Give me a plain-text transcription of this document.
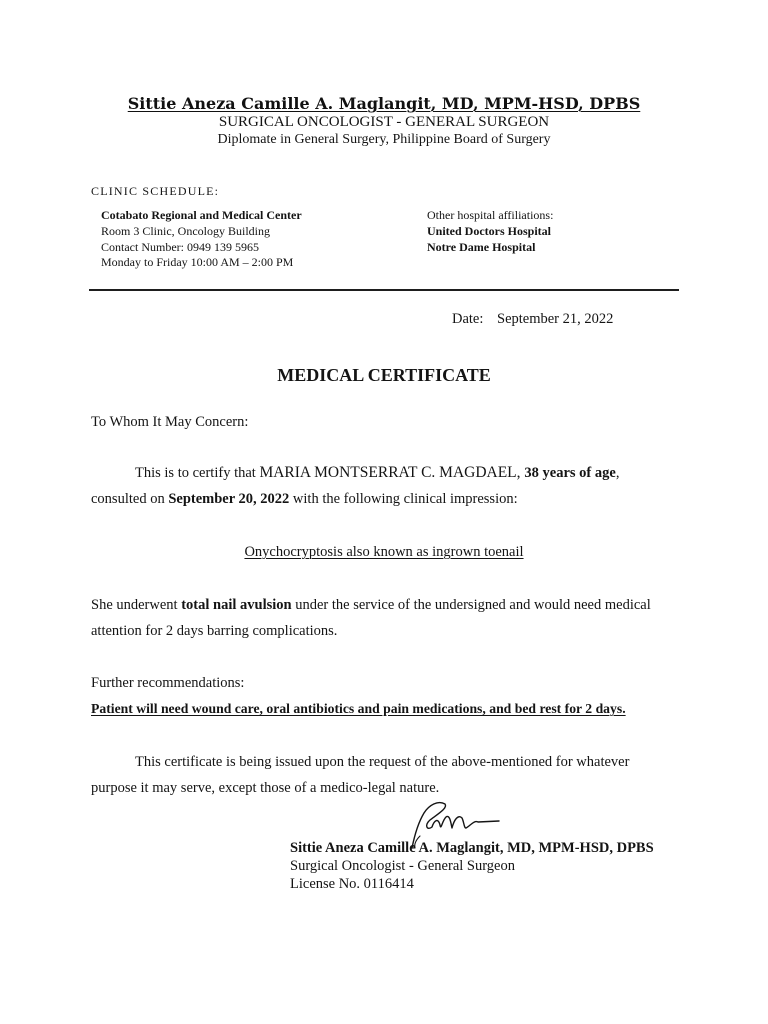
Sittie Aneza Camille A. Maglangit, MD, MPM-HSD, DPBS
SURGICAL ONCOLOGIST - GENERAL SURGEON
Diplomate in General Surgery, Philippine Board of Surgery
CLINIC SCHEDULE:
Cotabato Regional and Medical Center
Room 3 Clinic, Oncology Building
Contact Number: 0949 139 5965
Monday to Friday 10:00 AM – 2:00 PM
Other hospital affiliations:
United Doctors Hospital
Notre Dame Hospital
Date: September 21, 2022
MEDICAL CERTIFICATE
To Whom It May Concern:
This is to certify that MARIA MONTSERRAT C. MAGDAEL, 38 years of age,
consulted on September 20, 2022 with the following clinical impression:
Onychocryptosis also known as ingrown toenail
She underwent total nail avulsion under the service of the undersigned and would need medical
attention for 2 days barring complications.
Further recommendations:
Patient will need wound care, oral antibiotics and pain medications, and bed rest for 2 days.
This certificate is being issued upon the request of the above-mentioned for whatever
purpose it may serve, except those of a medico-legal nature.
Sittie Aneza Camille A. Maglangit, MD, MPM-HSD, DPBS
Surgical Oncologist - General Surgeon
License No. 0116414
